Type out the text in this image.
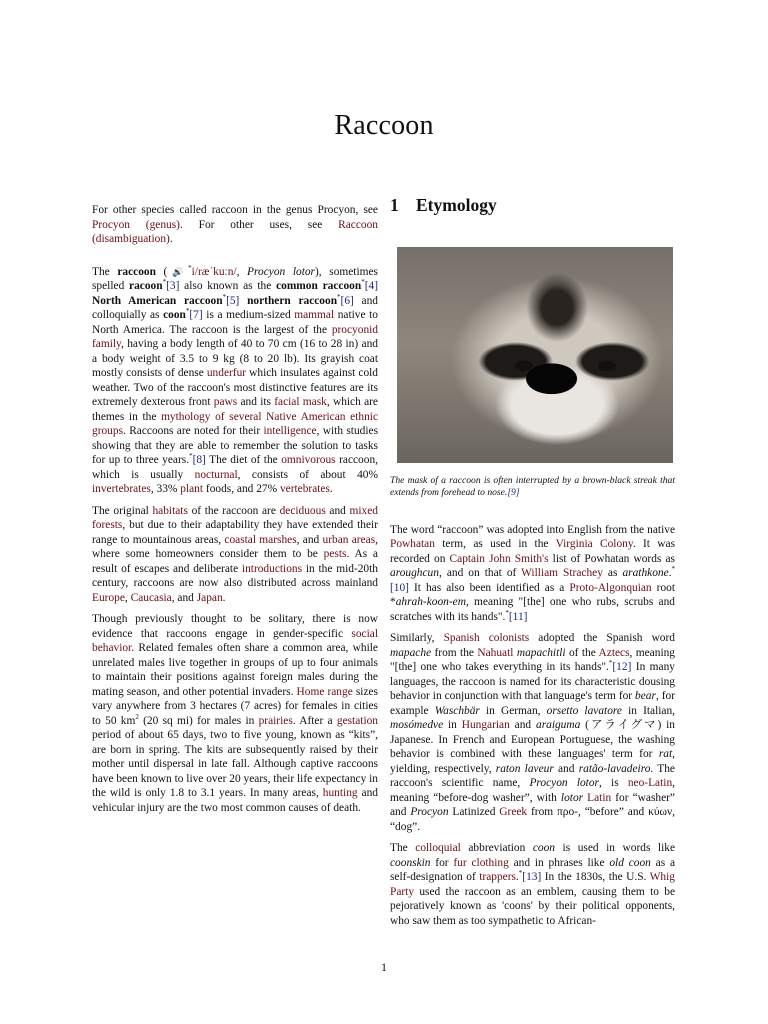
Raccoon

For other species called raccoon in the genus Procyon, see Procyon (genus). For other uses, see Raccoon (disambiguation).

The raccoon (🔊*i/ræˈkuːn/, Procyon lotor), sometimes spelled racoon*[3] also known as the common raccoon*[4] North American raccoon*[5] northern raccoon*[6] and colloquially as coon*[7] is a medium-sized mammal native to North America. The raccoon is the largest of the procyonid family, having a body length of 40 to 70 cm (16 to 28 in) and a body weight of 3.5 to 9 kg (8 to 20 lb). Its grayish coat mostly consists of dense underfur which insulates against cold weather. Two of the raccoon's most distinctive features are its extremely dexterous front paws and its facial mask, which are themes in the mythology of several Native American ethnic groups. Raccoons are noted for their intelligence, with studies showing that they are able to remember the solution to tasks for up to three years.*[8] The diet of the omnivorous raccoon, which is usually nocturnal, consists of about 40% invertebrates, 33% plant foods, and 27% vertebrates.

The original habitats of the raccoon are deciduous and mixed forests, but due to their adaptability they have extended their range to mountainous areas, coastal marshes, and urban areas, where some homeowners consider them to be pests. As a result of escapes and deliberate introductions in the mid-20th century, raccoons are now also distributed across mainland Europe, Caucasia, and Japan.

Though previously thought to be solitary, there is now evidence that raccoons engage in gender-specific social behavior. Related females often share a common area, while unrelated males live together in groups of up to four animals to maintain their positions against foreign males during the mating season, and other potential invaders. Home range sizes vary anywhere from 3 hectares (7 acres) for females in cities to 50 $km^2$ (20 sq mi) for males in prairies. After a gestation period of about 65 days, two to five young, known as “kits”, are born in spring. The kits are subsequently raised by their mother until dispersal in late fall. Although captive raccoons have been known to live over 20 years, their life expectancy in the wild is only 1.8 to 3.1 years. In many areas, hunting and vehicular injury are the two most common causes of death.

1 Etymology
The mask of a raccoon is often interrupted by a brown-black streak that extends from forehead to nose.[9]

The word “raccoon” was adopted into English from the native Powhatan term, as used in the Virginia Colony. It was recorded on Captain John Smith's list of Powhatan words as aroughcun, and on that of William Strachey as arathkone.*[10] It has also been identified as a Proto-Algonquian root *ahrah-koon-em, meaning "[the] one who rubs, scrubs and scratches with its hands".*[11]

Similarly, Spanish colonists adopted the Spanish word mapache from the Nahuatl mapachitli of the Aztecs, meaning "[the] one who takes everything in its hands".*[12] In many languages, the raccoon is named for its characteristic dousing behavior in conjunction with that language's term for bear, for example Waschbär in German, orsetto lavatore in Italian, mosómedve in Hungarian and araiguma (アライグマ) in Japanese. In French and European Portuguese, the washing behavior is combined with these languages' term for rat, yielding, respectively, raton laveur and ratão-lavadeiro. The raccoon's scientific name, Procyon lotor, is neo-Latin, meaning “before-dog washer”, with lotor Latin for “washer” and Procyon Latinized Greek from προ-, “before” and κύων, “dog”.

The colloquial abbreviation coon is used in words like coonskin for fur clothing and in phrases like old coon as a self-designation of trappers.*[13] In the 1830s, the U.S. Whig Party used the raccoon as an emblem, causing them to be pejoratively known as 'coons' by their political opponents, who saw them as too sympathetic to African-

1
